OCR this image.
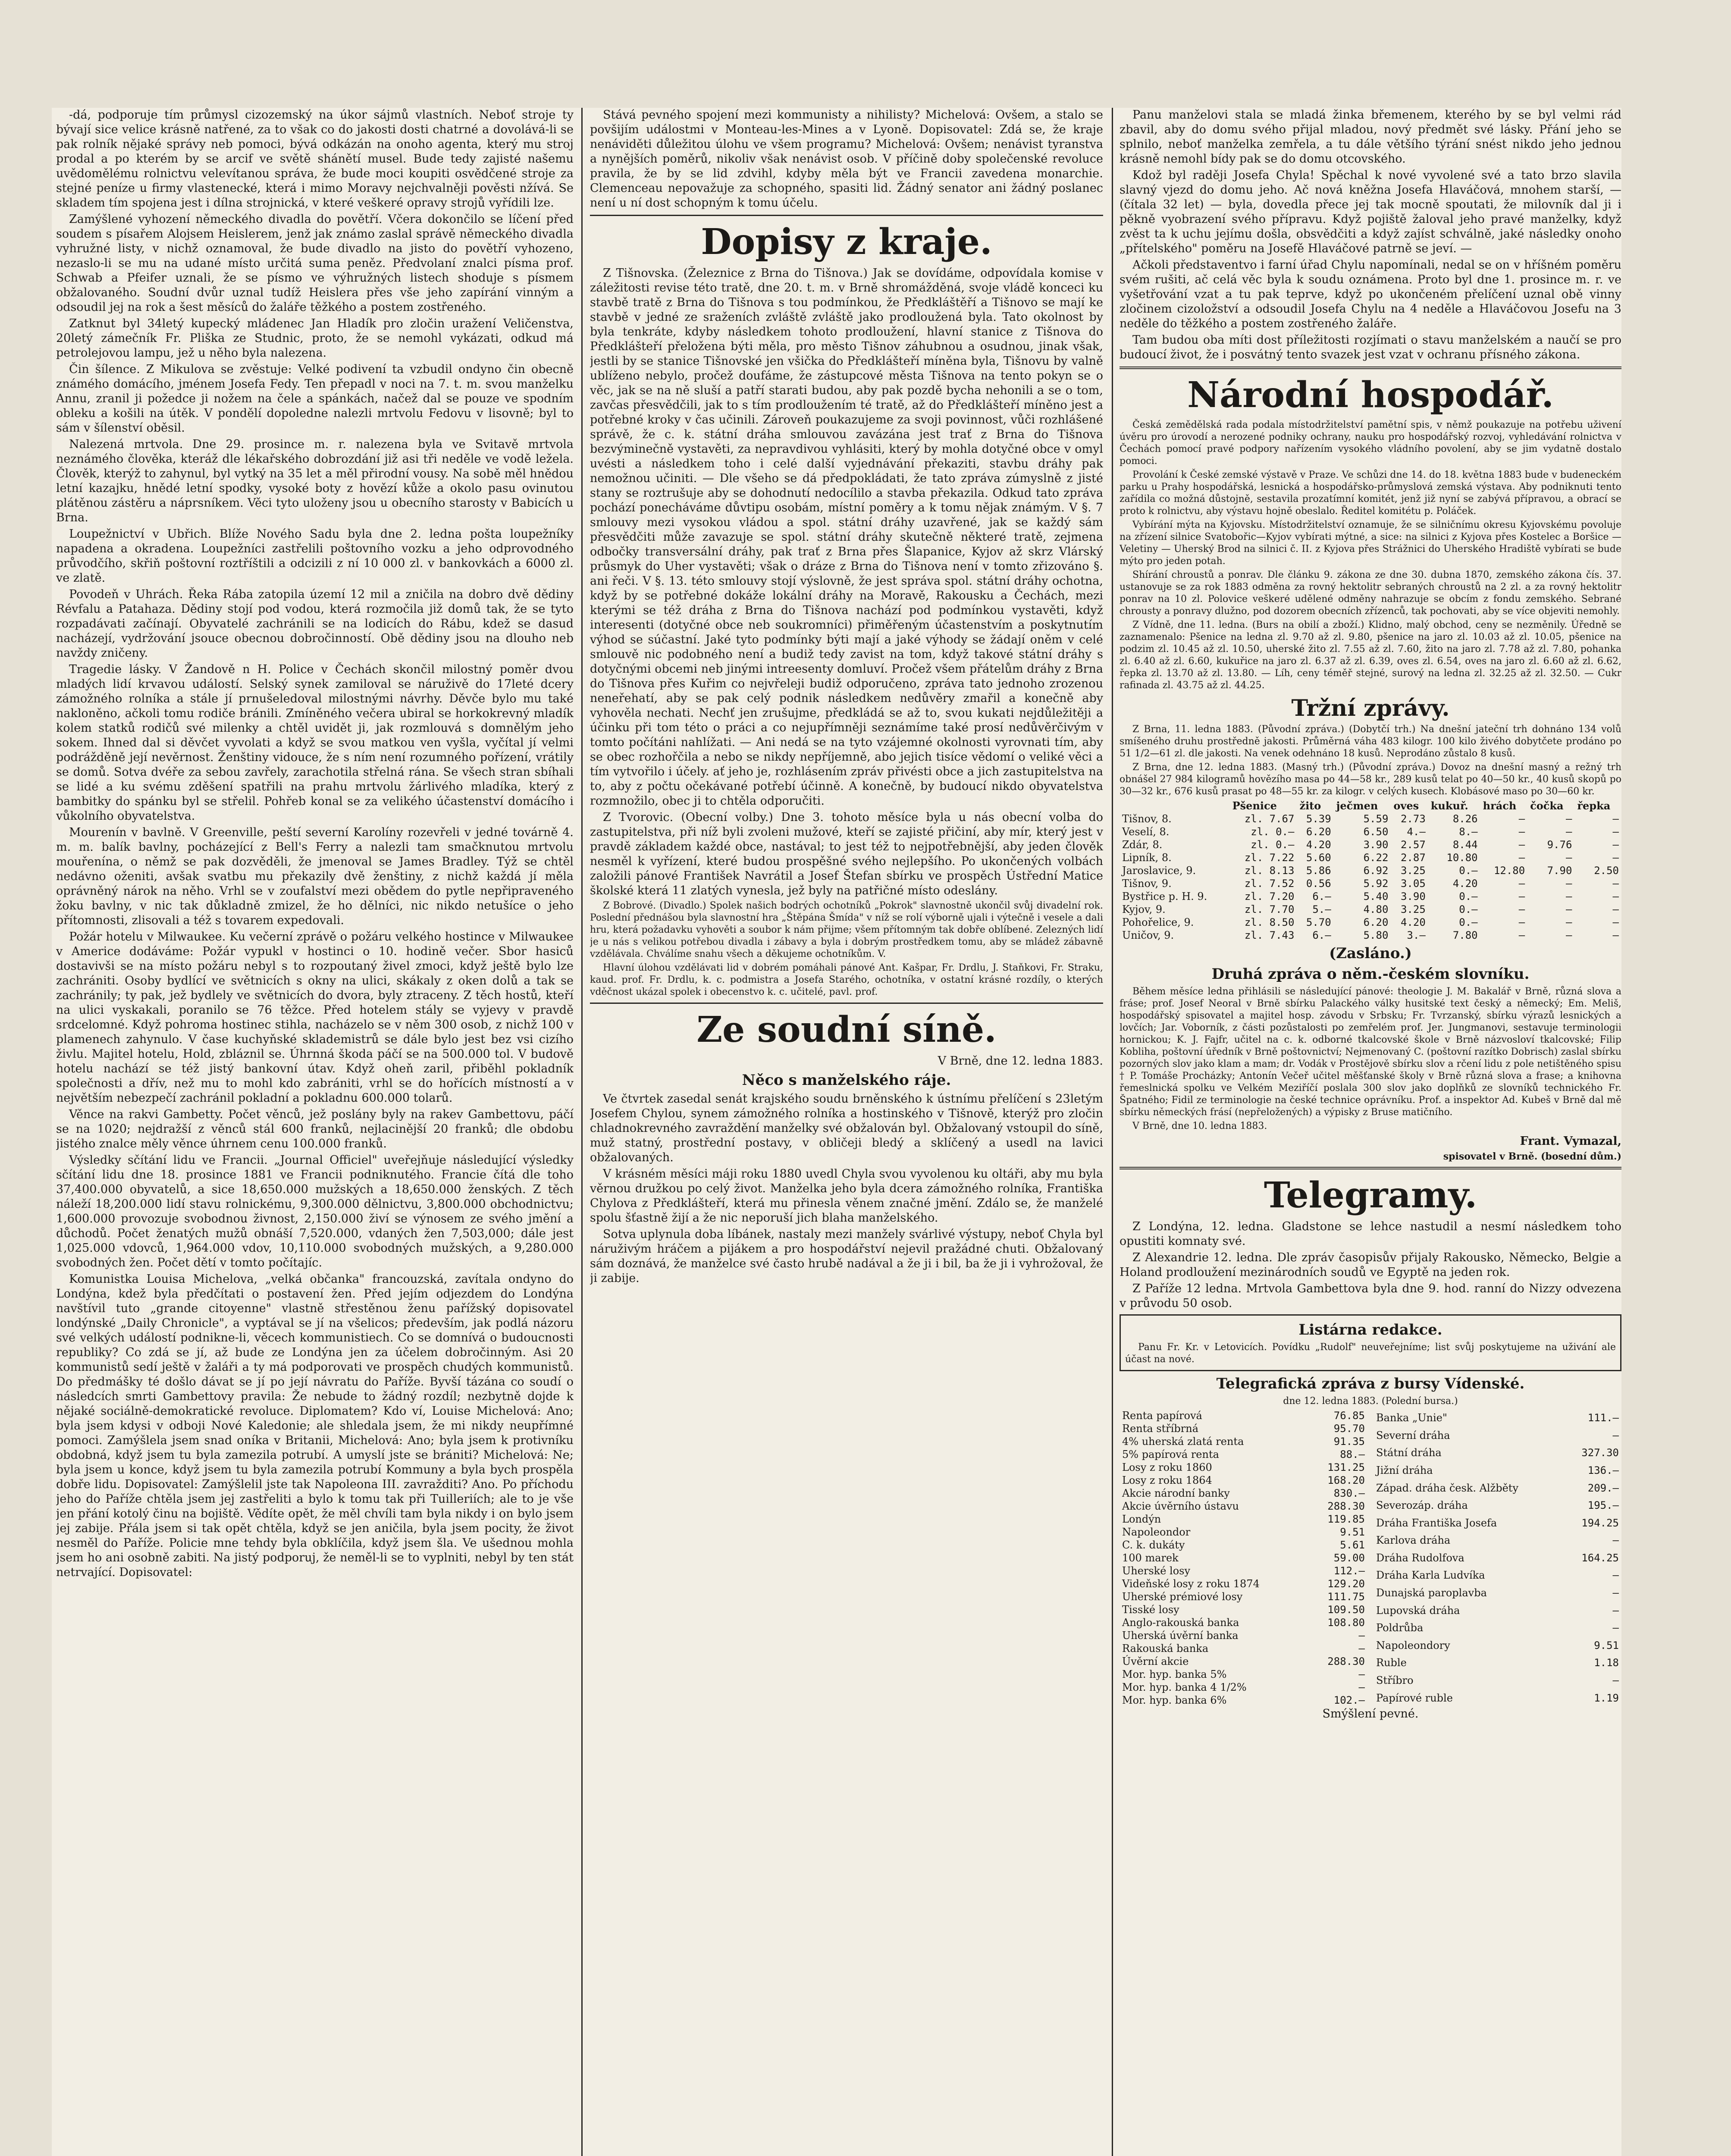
-dá, podporuje tím průmysl cizozemský na úkor sájmů vlastních. Neboť stroje ty bývají sice velice krásně natřené, za to však co do jakosti dosti chatrné a dovolává-li se pak rolník nějaké správy neb pomoci, bývá odkázán na onoho agenta, který mu stroj prodal a po kterém by se arcif ve světě shánětí musel. Bude tedy zajisté našemu uvědomělému rolnictvu velevítanou správa, že bude moci koupiti osvědčené stroje za stejné peníze u firmy vlastenecké, která i mimo Moravy nejchvalněji pověsti nžívá. Se skladem tím spojena jest i dílna strojnická, v které veškeré opravy strojů vyřídili lze.

Zamýšlené vyhození německého divadla do povětří. Včera dokončilo se líčení před soudem s písařem Alojsem Heislerem, jenž jak známo zaslal správě německého divadla vyhružné listy, v nichž oznamoval, že bude divadlo na jisto do povětří vyhozeno, nezaslo-li se mu na udané místo určitá suma peněz. Předvolaní znalci písma prof. Schwab a Pfeifer uznali, že se písmo ve výhružných listech shoduje s písmem obžalovaného. Soudní dvůr uznal tudíž Heislera přes vše jeho zapírání vinným a odsoudil jej na rok a šest měsíců do žaláře těžkého a postem zostřeného.

Zatknut byl 34letý kupecký mládenec Jan Hladík pro zločin uražení Veličenstva, 20letý zámečník Fr. Pliška ze Studnic, proto, že se nemohl vykázati, odkud má petrolejovou lampu, jež u něho byla nalezena.

Čin šílence. Z Mikulova se zvěstuje: Velké podivení ta vzbudil ondyno čin obecně známého domácího, jménem Josefa Fedy. Ten přepadl v noci na 7. t. m. svou manželku Annu, zranil ji požedce ji nožem na čele a spánkách, načež dal se pouze ve spodním obleku a košili na útěk. V pondělí dopoledne nalezli mrtvolu Fedovu v lisovně; byl to sám v šílenství oběsil.

Nalezená mrtvola. Dne 29. prosince m. r. nalezena byla ve Svitavě mrtvola neznámého člověka, kteráž dle lékařského dobrozdání již asi tři neděle ve vodě ležela. Člověk, kterýž to zahynul, byl vytký na 35 let a měl přirodní vousy. Na sobě měl hnědou letní kazajku, hnědé letní spodky, vysoké boty z hovězí kůže a okolo pasu ovinutou plátěnou zástěru a náprsníkem. Věci tyto uloženy jsou u obecního starosty v Babicích u Brna.

Loupežnictví v Ubřich. Blíže Nového Sadu byla dne 2. ledna pošta loupežníky napadena a okradena. Loupežníci zastřelili poštovního vozku a jeho odprovodného průvodčího, skřiň poštovní roztříštili a odcizili z ní 10 000 zl. v bankovkách a 6000 zl. ve zlatě.

Povodeň v Uhrách. Řeka Rába zatopila území 12 mil a zničila na dobro dvě dědiny Révfalu a Patahaza. Dědiny stojí pod vodou, která rozmočila již domů tak, že se tyto rozpadávati začínají. Obyvatelé zachránili se na lodicích do Rábu, kdež se dasud nacházejí, vydržování jsouce obecnou dobročinností. Obě dědiny jsou na dlouho neb navždy zničeny.

Tragedie lásky. V Žandově n H. Police v Čechách skončil milostný poměr dvou mladých lidí krvavou událostí. Selský synek zamiloval se náruživě do 17leté dcery zámožného rolníka a stále jí prnušeledoval milostnými návrhy. Děvče bylo mu také nakloněno, ačkoli tomu rodiče bránili. Zmíněného večera ubiral se horkokrevný mladík kolem statků rodičů své milenky a chtěl uvidět ji, jak rozmlouvá s domnělým jeho sokem. Ihned dal si děvčet vyvolati a když se svou matkou ven vyšla, vyčítal jí velmi podrážděně její nevěrnost. Ženštiny vidouce, že s ním není rozumného pořízení, vrátily se domů. Sotva dvéře za sebou zavřely, zarachotila střelná rána. Se všech stran sbíhali se lidé a ku svému zděšení spatřili na prahu mrtvolu žárlivého mladíka, který z bambitky do spánku byl se střelil. Pohřeb konal se za velikého účastenství domácího i vůkolního obyvatelstva.

Mourenín v bavlně. V Greenville, peští severní Karolíny rozevřeli v jedné továrně 4. m. m. balík bavlny, pocházející z Bell's Ferry a nalezli tam smačknutou mrtvolu mouřenína, o němž se pak dozvěděli, že jmenoval se James Bradley. Týž se chtěl nedávno oženiti, avšak svatbu mu překazily dvě ženštiny, z nichž každá jí měla oprávněný nárok na něho. Vrhl se v zoufalství mezi obědem do pytle nepřipraveného žoku bavlny, v nic tak důkladně zmizel, že ho dělníci, nic nikdo netušíce o jeho přítomnosti, zlisovali a též s tovarem expedovali.

Požár hotelu v Milwaukee. Ku večerní zprávě o požáru velkého hostince v Milwaukee v Americe dodáváme: Požár vypukl v hostinci o 10. hodině večer. Sbor hasiců dostavivši se na místo požáru nebyl s to rozpoutaný živel zmoci, když ještě bylo lze zachrániti. Osoby bydlící ve světnicích s okny na ulici, skákaly z oken dolů a tak se zachránily; ty pak, jež bydlely ve světnicích do dvora, byly ztraceny. Z těch hostů, kteří na ulici vyskakali, poranilo se 76 těžce. Před hotelem stály se vyjevy v pravdě srdcelomné. Když pohroma hostinec stihla, nacházelo se v něm 300 osob, z nichž 100 v plamenech zahynulo. V čase kuchyňské sklademistrů se dále bylo jest bez vsi cizího živlu. Majitel hotelu, Hold, zbláznil se. Úhrnná škoda páčí se na 500.000 tol. V budově hotelu nachází se též jistý bankovní útav. Když oheň zaril, přiběhl pokladník společnosti a dřív, než mu to mohl kdo zabrániti, vrhl se do hořících místností a v největším nebezpečí zachránil pokladní a pokladnu 600.000 tolarů.

Věnce na rakvi Gambetty. Počet věnců, jež poslány byly na rakev Gambettovu, páčí se na 1020; nejdražší z věnců stál 600 franků, nejlacinější 20 franků; dle obdobu jistého znalce měly věnce úhrnem cenu 100.000 franků.

Výsledky sčítání lidu ve Francii. „Journal Officiel" uveřejňuje následující výsledky sčítání lidu dne 18. prosince 1881 ve Francii podniknutého. Francie čítá dle toho 37,400.000 obyvatelů, a sice 18,650.000 mužských a 18,650.000 ženských. Z těch náleží 18,200.000 lidí stavu rolnickému, 9,300.000 dělnictvu, 3,800.000 obchodnictvu; 1,600.000 provozuje svobodnou živnost, 2,150.000 živí se výnosem ze svého jmění a důchodů. Počet ženatých mužů obnáší 7,520.000, vdaných žen 7,503,000; dále jest 1,025.000 vdovců, 1,964.000 vdov, 10,110.000 svobodných mužských, a 9,280.000 svobodných žen. Počet dětí v tomto počítajíc.

Komunistka Louisa Michelova, „velká občanka" francouzská, zavítala ondyno do Londýna, kdež byla předčítati o postavení žen. Před jejím odjezdem do Londýna navštívil tuto „grande citoyenne" vlastně střestěnou ženu pařížský dopisovatel londýnské „Daily Chronicle", a vyptával se jí na všelicos; především, jak podlá názoru své velkých událostí podnikne-li, věcech kommunistiech. Co se domnívá o budoucnosti republiky? Co zdá se jí, až bude ze Londýna jen za účelem dobročinným. Asi 20 kommunistů sedí ještě v žaláři a ty má podporovati ve prospěch chudých kommunistů. Do předmášky té došlo dávat se jí po její návratu do Paříže. Byvší tázána co soudí o následcích smrti Gambettovy pravila: Že nebude to žádný rozdíl; nezbytně dojde k nějaké sociálně-demokratické revoluce. Diplomatem? Kdo ví, Louise Michelová: Ano; byla jsem kdysi v odboji Nové Kaledonie; ale shledala jsem, že mi nikdy neupřímné pomoci. Zamýšlela jsem snad oníka v Britanii, Michelová: Ano; byla jsem k protivníku obdobná, když jsem tu byla zamezila potrubí. A umyslí jste se brániti? Michelová: Ne; byla jsem u konce, když jsem tu byla zamezila potrubí Kommuny a byla bych prospěla dobře lidu. Dopisovatel: Zamýšlelil jste tak Napoleona III. zavražditi? Ano. Po příchodu jeho do Paříže chtěla jsem jej zastřeliti a bylo k tomu tak při Tuilleriích; ale to je vše jen přání kotolý činu na bojiště. Vědíte opět, že měl chvíli tam byla nikdy i on bylo jsem jej zabije. Přála jsem si tak opět chtěla, když se jen aničila, byla jsem pocity, že život nesměl do Paříže. Policie mne tehdy byla obklíčila, když jsem šla. Ve ušednou mohla jsem ho ani osobně zabiti. Na jistý podporuj, že neměl-li se to vyplniti, nebyl by ten stát netrvající. Dopisovatel:

Stává pevného spojení mezi kommunisty a nihilisty? Michelová: Ovšem, a stalo se povšijím událostmi v Monteau-les-Mines a v Lyoně. Dopisovatel: Zdá se, že kraje nenáviděti důležitou úlohu ve všem programu? Michelová: Ovšem; nenávist tyranstva a nynějších poměrů, nikoliv však nenávist osob. V příčině doby společenské revoluce pravila, že by se lid zdvihl, kdyby měla být ve Francii zavedena monarchie. Clemenceau nepovažuje za schopného, spasiti lid. Žádný senator ani žádný poslanec není u ní dost schopným k tomu účelu.

Dopisy z kraje.

Z Tišnovska. (Železnice z Brna do Tišnova.) Jak se dovídáme, odpovídala komise v záležitosti revise této tratě, dne 20. t. m. v Brně shromážděná, svoje vládě konceci ku stavbě tratě z Brna do Tišnova s tou podmínkou, že Předkláštěří a Tišnovo se mají ke stavbě v jedné ze sraženích zvláště zvláště jako prodloužená byla. Tato okolnost by byla tenkráte, kdyby následkem tohoto prodloužení, hlavní stanice z Tišnova do Předklášteří přeložena býti měla, pro město Tišnov záhubnou a osudnou, jinak však, jestli by se stanice Tišnovské jen všička do Předklášteří míněna byla, Tišnovu by valně ublíženo nebylo, pročež doufáme, že zástupcové města Tišnova na tento pokyn se o věc, jak se na ně sluší a patří starati budou, aby pak pozdě bycha nehonili a se o tom, zavčas přesvědčili, jak to s tím prodloužením té tratě, až do Předklášteří míněno jest a potřebné kroky v čas učinili. Zároveň poukazujeme za svoji povinnost, vůči rozhlášené správě, že c. k. státní dráha smlouvou zavázána jest trať z Brna do Tišnova bezvýminečně vystavěti, za nepravdivou vyhlásiti, který by mohla dotyčné obce v omyl uvésti a následkem toho i celé další vyjednávání překaziti, stavbu dráhy pak nemožnou učiniti. — Dle všeho se dá předpokládati, že tato zpráva zúmyslně z jisté stany se roztrušuje aby se dohodnutí nedocílilo a stavba překazila. Odkud tato zpráva pochází ponecháváme důvtipu osobám, místní poměry a k tomu nějak známým. V §. 7 smlouvy mezi vysokou vládou a spol. státní dráhy uzavřené, jak se každý sám přesvědčiti může zavazuje se spol. státní dráhy skutečně některé tratě, zejmena odbočky transversální dráhy, pak trať z Brna přes Šlapanice, Kyjov až skrz Vlárský průsmyk do Uher vystavěti; však o dráze z Brna do Tišnova není v tomto zřizováno §. ani řeči. V §. 13. této smlouvy stojí výslovně, že jest správa spol. státní dráhy ochotna, když by se potřebné dokáže lokální dráhy na Moravě, Rakousku a Čechách, mezi kterými se též dráha z Brna do Tišnova nachází pod podmínkou vystavěti, když interesenti (dotyčné obce neb soukromníci) přiměřeným účastenstvím a poskytnutím výhod se súčastní. Jaké tyto podmínky býti mají a jaké výhody se žádají oněm v celé smlouvě nic podobného není a budiž tedy zavist na tom, když takové státní dráhy s dotyčnými obcemi neb jinými intreesenty domluví. Pročež všem přátelům dráhy z Brna do Tišnova přes Kuřim co nejvřeleji budiž odporučeno, zpráva tato jednoho zrozenou neneřehatí, aby se pak celý podnik následkem nedůvěry zmařil a konečně aby vyhověla nechati. Nechť jen zrušujme, předkládá se až to, svou kukati nejdůležitěji a účinku při tom této o práci a co nejupřímněji seznámíme také prosí nedůvěrčivým v tomto počítáni nahlížati. — Ani nedá se na tyto vzájemné okolnosti vyrovnati tím, aby se obec rozhořčila a nebo se nikdy nepříjemně, abo jejich tisíce vědomí o veliké věci a tím vytvořilo i účely. ať jeho je, rozhlásením zpráv přivésti obce a jich zastupitelstva na to, aby z počtu očekávané potřebí účinně. A konečně, by budoucí nikdo obyvatelstva rozmnožilo, obec ji to chtěla odporučiti.

Z Tvorovic. (Obecní volby.) Dne 3. tohoto měsíce byla u nás obecní volba do zastupitelstva, při níž byli zvoleni mužové, kteří se zajisté přičiní, aby mír, který jest v pravdě základem každé obce, nastával; to jest též to nejpotřebnější, aby jeden člověk nesměl k vyřízení, které budou prospěšné svého nejlepšího. Po ukončených volbách založili pánové František Navrátil a Josef Štefan sbírku ve prospěch Ústřední Matice školské která 11 zlatých vynesla, jež byly na patřičné místo odeslány.

Z Bobrové. (Divadlo.) Spolek našich bodrých ochotníků „Pokrok" slavnostně ukončil svůj divadelní rok. Poslední přednášou byla slavnostní hra „Štěpána Šmída" v níž se rolí výborně ujali i výtečně i vesele a dali hru, která požadavku vyhověti a soubor k nám přijme; všem přítomným tak dobře oblíbené. Zelezných lidí je u nás s velikou potřebou divadla i zábavy a byla i dobrým prostředkem tomu, aby se mládež zábavně vzdělávala. Chválíme snahu všech a děkujeme ochotníkům. V.

Hlavní úlohou vzdělávati lid v dobrém pomáhali pánové Ant. Kašpar, Fr. Drdlu, J. Staňkovi, Fr. Straku, kaud. prof. Fr. Drdlu, k. c. podmistra a Josefa Starého, ochotníka, v ostatní krásné rozdíly, o kterých vděčnost ukázal spolek i obecenstvo k. c. učitelé, pavl. prof.

Ze soudní síně.

V Brně, dne 12. ledna 1883.

Něco s manželského ráje.

Ve čtvrtek zasedal senát krajského soudu brněnského k ústnímu přelíčení s 23letým Josefem Chylou, synem zámožného rolníka a hostinského v Tišnově, kterýž pro zločin chladnokrevného zavraždění manželky své obžalován byl. Obžalovaný vstoupil do síně, muž statný, prostřední postavy, v obličeji bledý a sklíčený a usedl na lavici obžalovaných.

V krásném měsíci máji roku 1880 uvedl Chyla svou vyvolenou ku oltáři, aby mu byla věrnou družkou po celý život. Manželka jeho byla dcera zámožného rolníka, Františka Chylova z Předklášteří, která mu přinesla věnem značné jmění. Zdálo se, že manželé spolu šťastně žijí a že nic neporuší jich blaha manželského.

Sotva uplynula doba líbánek, nastaly mezi manžely svárlivé výstupy, neboť Chyla byl náruživým hráčem a pijákem a pro hospodářství nejevil pražádné chuti. Obžalovaný sám doznává, že manželce své často hrubě nadával a že ji i bil, ba že ji i vyhrožoval, že ji zabije.

Panu manželovi stala se mladá žinka břemenem, kterého by se byl velmi rád zbavil, aby do domu svého přijal mladou, nový předmět své lásky. Přání jeho se splnilo, neboť manželka zemřela, a tu dále většího týrání snést nikdo jeho jednou krásně nemohl bídy pak se do domu otcovského.

Kdož byl raději Josefa Chyla! Spěchal k nové vyvolené své a tato brzo slavila slavný vjezd do domu jeho. Ač nová kněžna Josefa Hlaváčová, mnohem starší, — (čítala 32 let) — byla, dovedla přece jej tak mocně spoutati, že milovník dal ji i pěkně vyobrazení svého přípravu. Když pojiště žaloval jeho pravé manželky, když zvěst ta k uchu jejímu došla, obsvědčiti a když zajíst schválně, jaké následky onoho „přítelského" poměru na Josefě Hlaváčové patrně se jeví. —

Ačkoli představentvo i farní úřad Chylu napomínali, nedal se on v hříšném poměru svém rušiti, ač celá věc byla k soudu oznámena. Proto byl dne 1. prosince m. r. ve vyšetřování vzat a tu pak teprve, když po ukončeném přelíčení uznal obě vinny zločinem cizoložství a odsoudil Josefa Chylu na 4 neděle a Hlaváčovou Josefu na 3 neděle do těžkého a postem zostřeného žaláře.

Tam budou oba míti dost příležitosti rozjímati o stavu manželském a naučí se pro budoucí život, že i posvátný tento svazek jest vzat v ochranu přísného zákona.

Národní hospodář.

Česká zemědělská rada podala místodržitelství pamětní spis, v němž poukazuje na potřebu uživení úvěru pro úrovodí a nerozené podniky ochrany, nauku pro hospodářský rozvoj, vyhledávání rolnictva v Čechách pomocí pravé podpory nařízením vysokého vládního povolení, aby se jim vydatně dostalo pomoci.

Provolání k České zemské výstavě v Praze. Ve schůzi dne 14. do 18. května 1883 bude v budeneckém parku u Prahy hospodářská, lesnická a hospodářsko-průmyslová zemská výstava. Aby podniknuti tento zařídila co možná důstojně, sestavila prozatímní komitét, jenž již nyní se zabývá přípravou, a obrací se proto k rolnictvu, aby výstavu hojně obeslalo. Ředitel komitétu p. Poláček.

Vybírání mýta na Kyjovsku. Místodržitelství oznamuje, že se silničnímu okresu Kyjovskému povoluje na zřízení silnice Svatobořic—Kyjov vybírati mýtné, a sice: na silnici z Kyjova přes Kostelec a Boršice — Veletiny — Uherský Brod na silnici č. II. z Kyjova přes Strážnici do Uherského Hradiště vybírati se bude mýto pro jeden potah.

Shírání chroustů a ponrav. Dle článku 9. zákona ze dne 30. dubna 1870, zemského zákona čís. 37. ustanovuje se za rok 1883 odměna za rovný hektolitr sebraných chroustů na 2 zl. a za rovný hektolitr ponrav na 10 zl. Polovice veškeré udělené odměny nahrazuje se obcím z fondu zemského. Sebrané chrousty a ponravy dlužno, pod dozorem obecních zřízenců, tak pochovati, aby se více objeviti nemohly.

Z Vídně, dne 11. ledna. (Burs na obilí a zboží.) Klidno, malý obchod, ceny se nezměnily. Úředně se zaznamenalo: Pšenice na ledna zl. 9.70 až zl. 9.80, pšenice na jaro zl. 10.03 až zl. 10.05, pšenice na podzim zl. 10.45 až zl. 10.50, uherské žito zl. 7.55 až zl. 7.60, žito na jaro zl. 7.78 až zl. 7.80, pohanka zl. 6.40 až zl. 6.60, kukuřice na jaro zl. 6.37 až zl. 6.39, oves zl. 6.54, oves na jaro zl. 6.60 až zl. 6.62, řepka zl. 13.70 až zl. 13.80. — Líh, ceny téměř stejné, surový na ledna zl. 32.25 až zl. 32.50. — Cukr rafinada zl. 43.75 až zl. 44.25.

Tržní zprávy.

Z Brna, 11. ledna 1883. (Původní zpráva.) (Dobytčí trh.) Na dnešní jateční trh dohnáno 134 volů smíšeného druhu prostředně jakosti. Průměrná váha 483 kilogr. 100 kilo živého dobytčete prodáno po 51 1/2—61 zl. dle jakosti. Na venek odehnáno 18 kusů. Neprodáno zůstalo 8 kusů.

Z Brna, dne 12. ledna 1883. (Masný trh.) (Původní zpráva.) Dovoz na dnešní masný a režný trh obnášel 27 984 kilogramů hovězího masa po 44—58 kr., 289 kusů telat po 40—50 kr., 40 kusů skopů po 30—32 kr., 676 kusů prasat po 48—55 kr. za kilogr. v celých kusech. Klobásové maso po 30—60 kr.

	Pšenice	žito	ječmen	oves	kukuř.	hrách	čočka	řepka
Tišnov, 8.	zl. 7.67	5.39	5.59	2.73	8.26	—	—	—
Veselí, 8.	zl. 0.—	6.20	6.50	4.—	8.—	—	—	—
Zdár, 8.	zl. 0.—	4.20	3.90	2.57	8.44	—	9.76	—
Lipník, 8.	zl. 7.22	5.60	6.22	2.87	10.80	—	—	—
Jaroslavice, 9.	zl. 8.13	5.86	6.92	3.25	0.—	12.80	7.90	2.50
Tišnov, 9.	zl. 7.52	0.56	5.92	3.05	4.20	—	—	—
Bystřice p. H. 9.	zl. 7.20	6.—	5.40	3.90	0.—	—	—	—
Kyjov, 9.	zl. 7.70	5.—	4.80	3.25	0.—	—	—	—
Pohořelice, 9.	zl. 8.50	5.70	6.20	4.20	0.—	—	—	—
Uničov, 9.	zl. 7.43	6.—	5.80	3.—	7.80	—	—	—
(Zasláno.)
Druhá zpráva o něm.-českém slovníku.

Během měsíce ledna přihlásili se následující pánové: theologie J. M. Bakalář v Brně, různá slova a fráse; prof. Josef Neoral v Brně sbírku Palackého války husitské text český a německý; Em. Meliš, hospodářský spisovatel a majitel hosp. závodu v Srbsku; Fr. Tvrzanský, sbírku výrazů lesnických a lovčích; Jar. Voborník, z části pozůstalosti po zemřelém prof. Jer. Jungmanovi, sestavuje terminologii hornickou; K. J. Fajfr, učitel na c. k. odborné tkalcovské škole v Brně názvosloví tkalcovské; Filip Kobliha, poštovní úředník v Brně poštovnictví; Nejmenovaný C. (poštovní razítko Dobrisch) zaslal sbírku pozorných slov jako klam a mam; dr. Vodák v Prostějově sbírku slov a rčení lidu z pole netištěného spisu † P. Tomáše Procházky; Antonín Večeř učitel měšťanské školy v Brně různá slova a frase; a knihovna řemeslnická spolku ve Velkém Meziříčí poslala 300 slov jako doplňků ze slovníků technického Fr. Špatného; Fidil ze terminologie na české technice oprávníku. Prof. a inspektor Ad. Kubeš v Brně dal mě sbírku německých frásí (nepřeložených) a výpisky z Bruse matičního.

V Brně, dne 10. ledna 1883.

Frant. Vymazal,

spisovatel v Brně. (bosední dům.)

Telegramy.

Z Londýna, 12. ledna. Gladstone se lehce nastudil a nesmí následkem toho opustiti komnaty své.

Z Alexandrie 12. ledna. Dle zpráv časopisův přijaly Rakousko, Německo, Belgie a Holand prodloužení mezinárodních soudů ve Egyptě na jeden rok.

Z Paříže 12 ledna. Mrtvola Gambettova byla dne 9. hod. ranní do Nizzy odvezena v průvodu 50 osob.

Listárna redakce.

Panu Fr. Kr. v Letovicích. Povídku „Rudolf" neuveřejníme; list svůj poskytujeme na uživání ale účast na nové.

Telegrafická zpráva z bursy Vídenské.

dne 12. ledna 1883. (Polední bursa.)

Renta papírová	76.85
Renta stříbrná	95.70
4% uherská zlatá renta	91.35
5% papírová renta	88.—
Losy z roku 1860	131.25
Losy z roku 1864	168.20
Akcie národní banky	830.—
Akcie úvěrního ústavu	288.30
Londýn	119.85
Napoleondor	9.51
C. k. dukáty	5.61
100 marek	59.00
Uherské losy	112.—
Videňské losy z roku 1874	129.20
Uherské prémiové losy	111.75
Tisské losy	109.50
Anglo-rakouská banka	108.80
Uherská úvěrní banka	—
Rakouská banka	—
Úvěrní akcie	288.30
Mor. hyp. banka 5%	—
Mor. hyp. banka 4 1/2%	—
Mor. hyp. banka 6%	102.—
Banka „Unie"	111.—
Severní dráha	—
Státní dráha	327.30
Jižní dráha	136.—
Západ. dráha česk. Alžběty	209.—
Severozáp. dráha	195.—
Dráha Františka Josefa	194.25
Karlova dráha	—
Dráha Rudolfova	164.25
Dráha Karla Ludvíka	—
Dunajská paroplavba	—
Lupovská dráha	—
Poldrůba	—
Napoleondory	9.51
Ruble	1.18
Stříbro	—
Papírové ruble	1.19

Smýšlení pevné.
